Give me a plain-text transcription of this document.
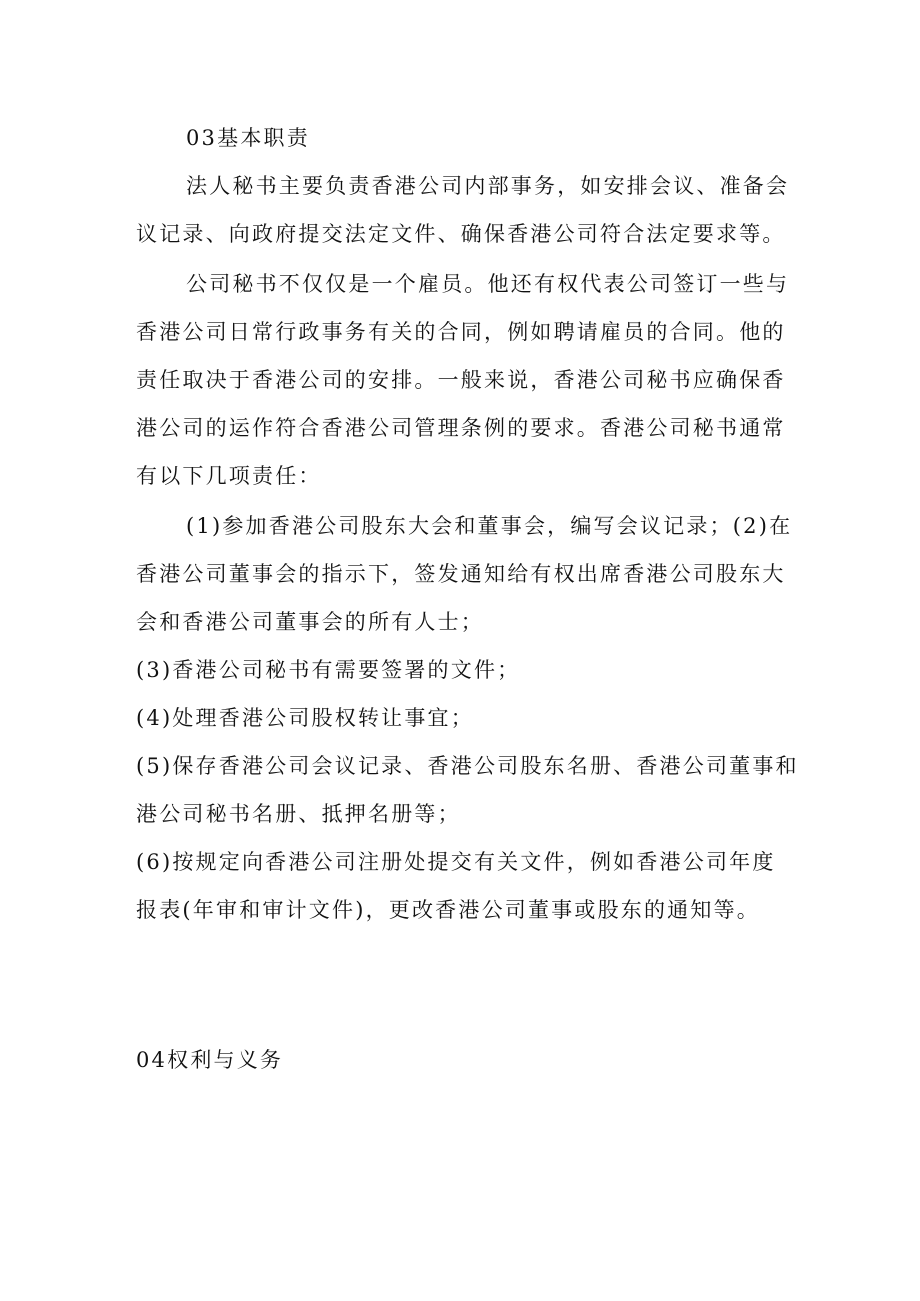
03基本职责
法人秘书主要负责香港公司内部事务，如安排会议、准备会
议记录、向政府提交法定文件、确保香港公司符合法定要求等。
公司秘书不仅仅是一个雇员。他还有权代表公司签订一些与
香港公司日常行政事务有关的合同，例如聘请雇员的合同。他的
责任取决于香港公司的安排。一般来说，香港公司秘书应确保香
港公司的运作符合香港公司管理条例的要求。香港公司秘书通常
有以下几项责任：
(1)参加香港公司股东大会和董事会，编写会议记录；(2)在
香港公司董事会的指示下，签发通知给有权出席香港公司股东大
会和香港公司董事会的所有人士；
(3)香港公司秘书有需要签署的文件；
(4)处理香港公司股权转让事宜；
(5)保存香港公司会议记录、香港公司股东名册、香港公司董事和
港公司秘书名册、抵押名册等；
(6)按规定向香港公司注册处提交有关文件，例如香港公司年度
报表(年审和审计文件)，更改香港公司董事或股东的通知等。
04权利与义务
